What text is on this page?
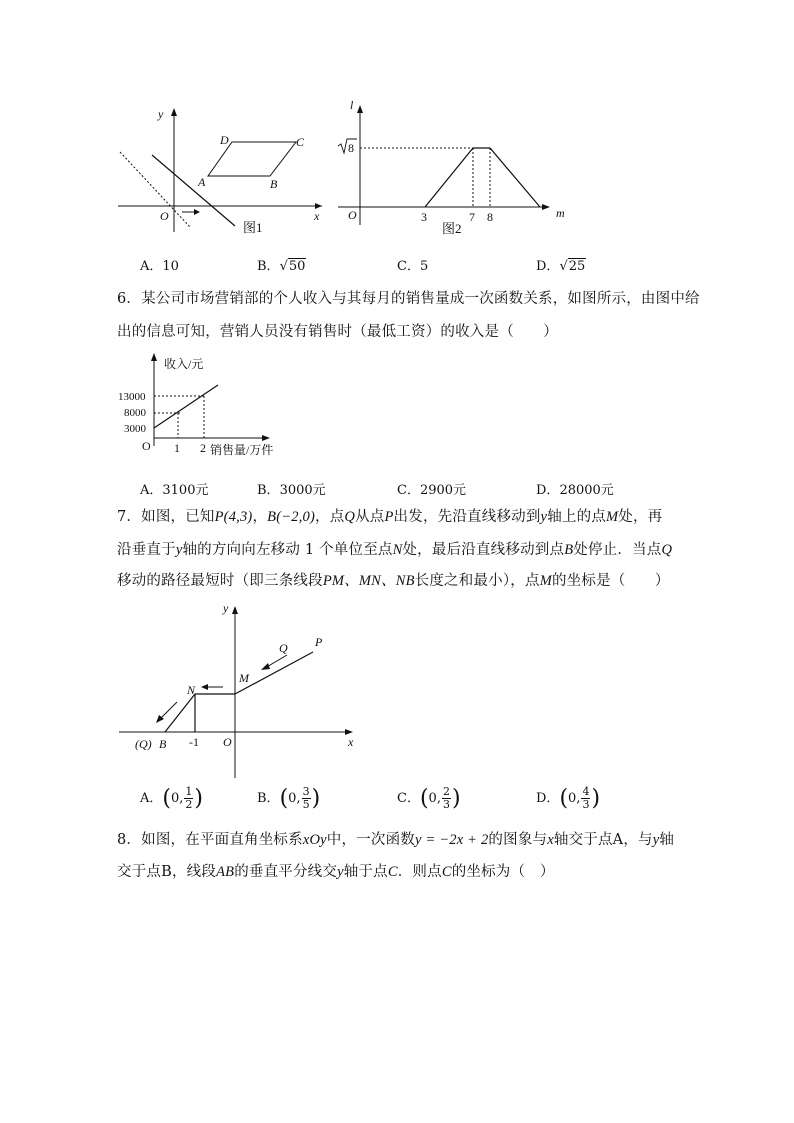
y
x
O
A	B
C
D
图1
l
m
O
8
3	7 8
图2
A．10	B．√50	C．5	D．√25
6．某公司市场营销部的个人收入与其每月的销售量成一次函数关系，如图所示，由图中给
出的信息可知，营销人员没有销售时（最低工资）的收入是（　　）
收入/元
销售量/万件
O
13000
8000
3000
1 2
A．3100元	B．3000元	C．2900元	D．28000元
7．如图，已知P(4,3)，B(−2,0)，点Q从点P出发，先沿直线移动到y轴上的点M处，再
沿垂直于y轴的方向向左移动 1 个单位至点N处，最后沿直线移动到点B处停止．当点Q
移动的路径最短时（即三条线段PM、MN、NB长度之和最小），点M的坐标是（　　）
y
x
O
P
Q
M
N
(Q) B -1
A．(0, $\frac{1}{2}$ )	B．(0, $\frac{3}{5}$ )	C．(0, $\frac{2}{3}$ )	D．(0, $\frac{4}{3}$ )
8．如图，在平面直角坐标系xOy中，一次函数y = −2x + 2的图象与x轴交于点A，与y轴
交于点B，线段AB的垂直平分线交y轴于点C．则点C的坐标为（　）
